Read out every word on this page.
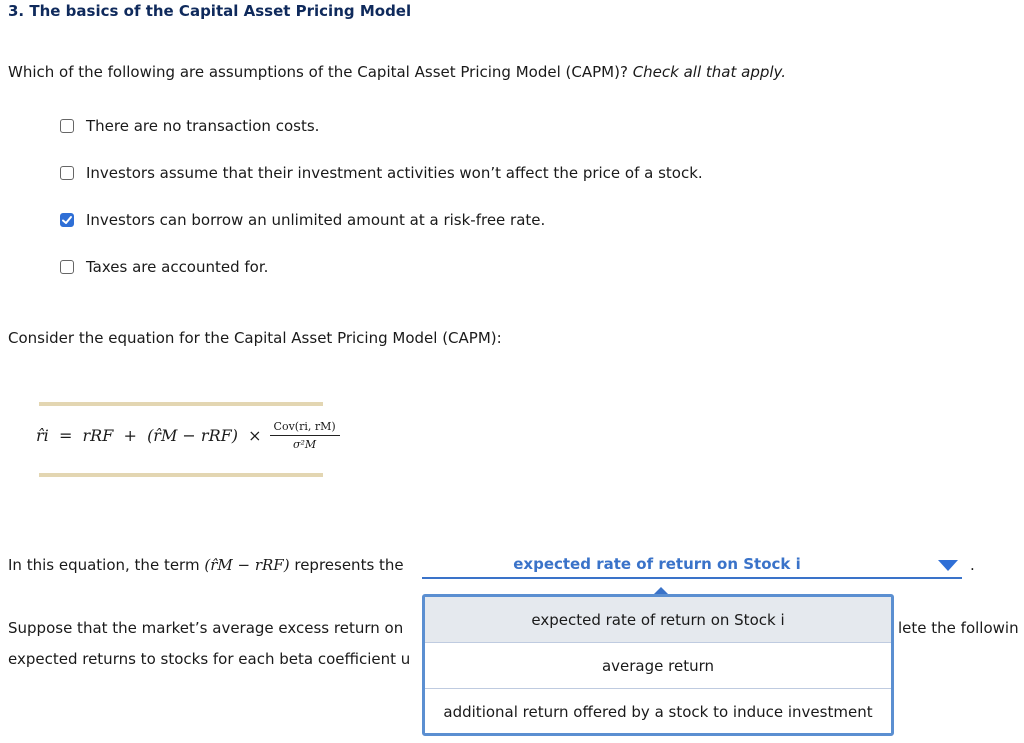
3. The basics of the Capital Asset Pricing Model
Which of the following are assumptions of the Capital Asset Pricing Model (CAPM)? Check all that apply.
There are no transaction costs.
Investors assume that their investment activities won’t affect the price of a stock.
Investors can borrow an unlimited amount at a risk-free rate.
Taxes are accounted for.
Consider the equation for the Capital Asset Pricing Model (CAPM):
r̂i  =  rRF  +  (r̂M − $rRF) \times \frac{\text{Cov(ri, rM)}}{\text{σ²M}}$
In this equation, the term (r̂M − rRF) represents the	expected rate of return on Stock i	.
Suppose that the market’s average excess return on
expected returns to stocks for each beta coefficient u
lete the followin
expected rate of return on Stock i
average return
additional return offered by a stock to induce investment
